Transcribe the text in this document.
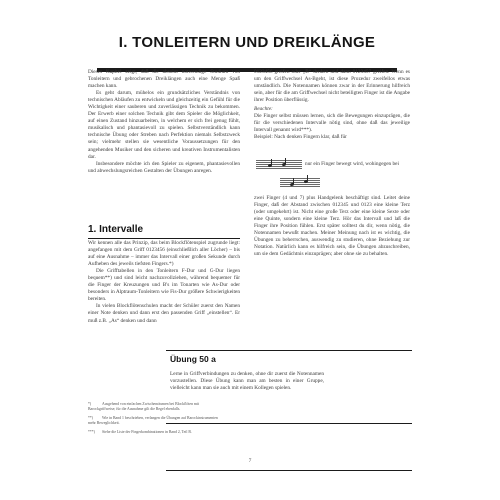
I. TONLEITERN UND DREIKLÄNGE

Dieses Kapitel zeigt, daß die absolut notwendige Studium von Tonleitern und gebrochenen Dreiklängen auch eine Menge Spaß machen kann.

Es geht darum, mühelos ein grundsätzliches Verständnis von technischen Abläufen zu entwickeln und gleichzeitig ein Gefühl für die Wichtigkeit einer sauberen und zuverlässigen Technik zu bekommen. Der Erwerb einer solchen Technik gibt dem Spieler die Möglichkeit, auf einen Zustand hinzuarbeiten, in welchem er sich frei genug fühlt, musikalisch und phantasievoll zu spielen. Selbstverständlich kann technische Übung oder Streben nach Perfektion niemals Selbstzweck sein; vielmehr stellen sie wesentliche Voraussetzungen für den angehenden Musiker und den sicheren und kreativen Instrumentalisten dar.

Insbesondere möchte ich den Spieler zu eigenem, phantasievollen und abwechslungsreichen Gestalten der Übungen anregen.

0123456 greifen oder „B“ denken und dann 0123457 greifen. Wenn es um den Griffwechsel As-Bgeht, ist diese Prozedur zweifellos etwas umständlich. Die Notennamen können zwar in der Erinnerung hilfreich sein, aber für die am Griffwechsel nicht beteiligten Finger ist die Angabe ihrer Position überflüssig.

Beachte:

Die Finger selbst müssen lernen, sich die Bewegungen einzuprägen, die für die verschiedenen Intervalle nötig sind, ohne daß das jeweilige Intervall genannt wird***).

Beispiel: Nach denken Fingern klar, daß für

nur ein Finger bewegt wird, wohingegen bei

zwei Finger (4 und 7) plus Handgelenk beschäftigt sind. Leitet deine Finger, daß der Abstand zwischen 012345 und 0123 eine kleine Terz (oder umgekehrt) ist. Nicht eine große Terz oder eine kleine Sexte oder eine Quinte, sondern eine kleine Terz. Hör das Intervall und laß die Finger ihre Position fühlen. Erst später solltest du dir, wenn nötig, die Notennamen bewußt machen. Meiner Meinung nach ist es wichtig, die Übungen zu beherrschen, auswendig zu studieren, ohne Beziehung zur Notation. Natürlich kann es hilfreich sein, die Übungen abzuschreiben, um sie dem Gedächtnis einzuprägen; aber ohne sie zu behalten.

1. Intervalle

Wir kennen alle das Prinzip, das beim Blockflötenspiel zugrunde liegt: angefangen mit dem Griff 0123456 (einschließlich aller Löcher) – bis auf eine Ausnahme – immer das Intervall einer großen Sekunde durch Aufheben des jeweils tiefsten Fingers.*)

Die Grifftabellen in den Tonleitern F-Dur und G-Dur liegen bequem**) und sind leicht nachzuvollziehen, während bequemer für die Finger der Kreuzungen und B's im Tonarten wie As-Dur oder besonders in Alptraum-Tonleitern wie Fis-Dur größere Schwierigkeiten bereiten.

In vielen Blockflötenschulen macht der Schüler zuerst den Namen einer Note denken und dann erst den passenden Griff „einstellen“. Er muß z.B. „As“ denken und dann

Übung 50 a
Lerne in Griffverbindungen zu denken, ohne dir zuerst die Notennamen vorzustellen. Diese Übung kann man am besten in einer Gruppe, vielleicht kann man sie auch mit einem Kollegen spielen.
*)	Ausgehend von einfachen Zwischenräumen bei Blockflöten mit Barockgriffweise; für die Ausnahme gilt die Regel ebenfalls.
**) Wie in Band 1 beschrieben, verlangen die Übungen auf Barockinstrumenten mehr Beweglichkeit.
***) Siehe die Liste der Fingerkombinationen in Band 2, Teil B.
7
